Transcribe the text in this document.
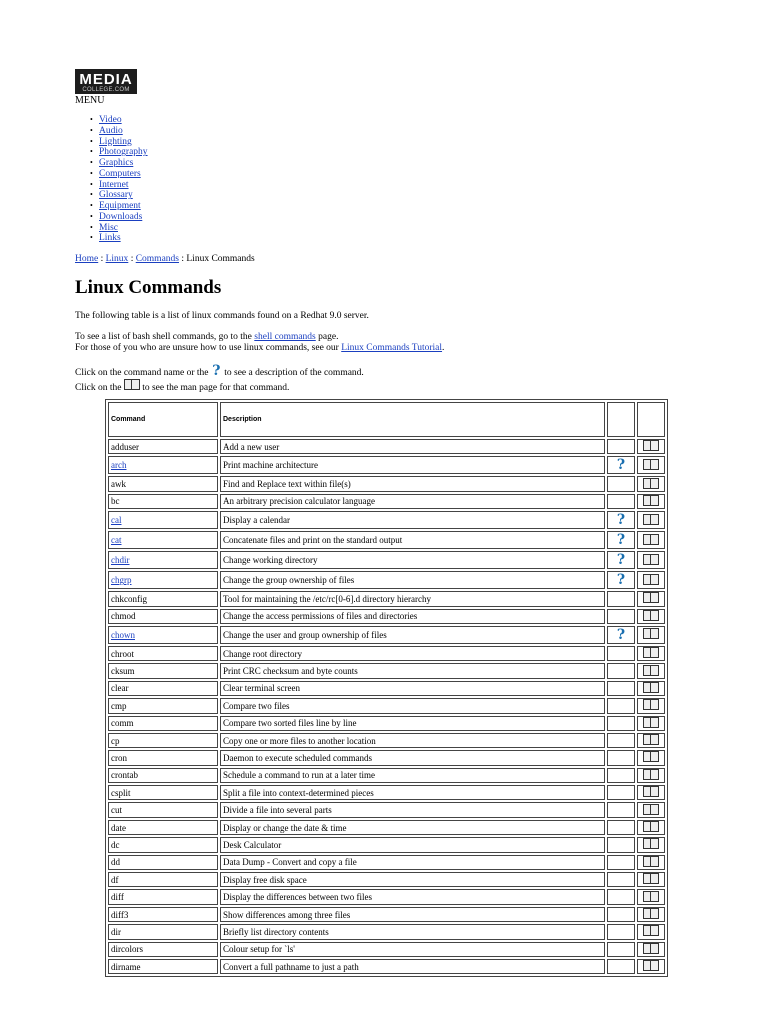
MEDIA
COLLEGE.COM
MENU
• Video
• Audio
• Lighting
• Photography
• Graphics
• Computers
• Internet
• Glossary
• Equipment
• Downloads
• Misc
• Links
Home : Linux : Commands : Linux Commands
Linux Commands
The following table is a list of linux commands found on a Redhat 9.0 server.
To see a list of bash shell commands, go to the shell commands page.
For those of you who are unsure how to use linux commands, see our Linux Commands Tutorial.
Click on the command name or the ? to see a description of the command.
Click on the  to see the man page for that command.
Command	Description		
adduser	Add a new user		
arch	Print machine architecture	?	
awk	Find and Replace text within file(s)		
bc	An arbitrary precision calculator language		
cal	Display a calendar	?	
cat	Concatenate files and print on the standard output	?	
chdir	Change working directory	?	
chgrp	Change the group ownership of files	?	
chkconfig	Tool for maintaining the /etc/rc[0-6].d directory hierarchy		
chmod	Change the access permissions of files and directories		
chown	Change the user and group ownership of files	?	
chroot	Change root directory		
cksum	Print CRC checksum and byte counts		
clear	Clear terminal screen		
cmp	Compare two files		
comm	Compare two sorted files line by line		
cp	Copy one or more files to another location		
cron	Daemon to execute scheduled commands		
crontab	Schedule a command to run at a later time		
csplit	Split a file into context-determined pieces		
cut	Divide a file into several parts		
date	Display or change the date & time		
dc	Desk Calculator		
dd	Data Dump - Convert and copy a file		
df	Display free disk space		
diff	Display the differences between two files		
diff3	Show differences among three files		
dir	Briefly list directory contents		
dircolors	Colour setup for `ls'		
dirname	Convert a full pathname to just a path		
